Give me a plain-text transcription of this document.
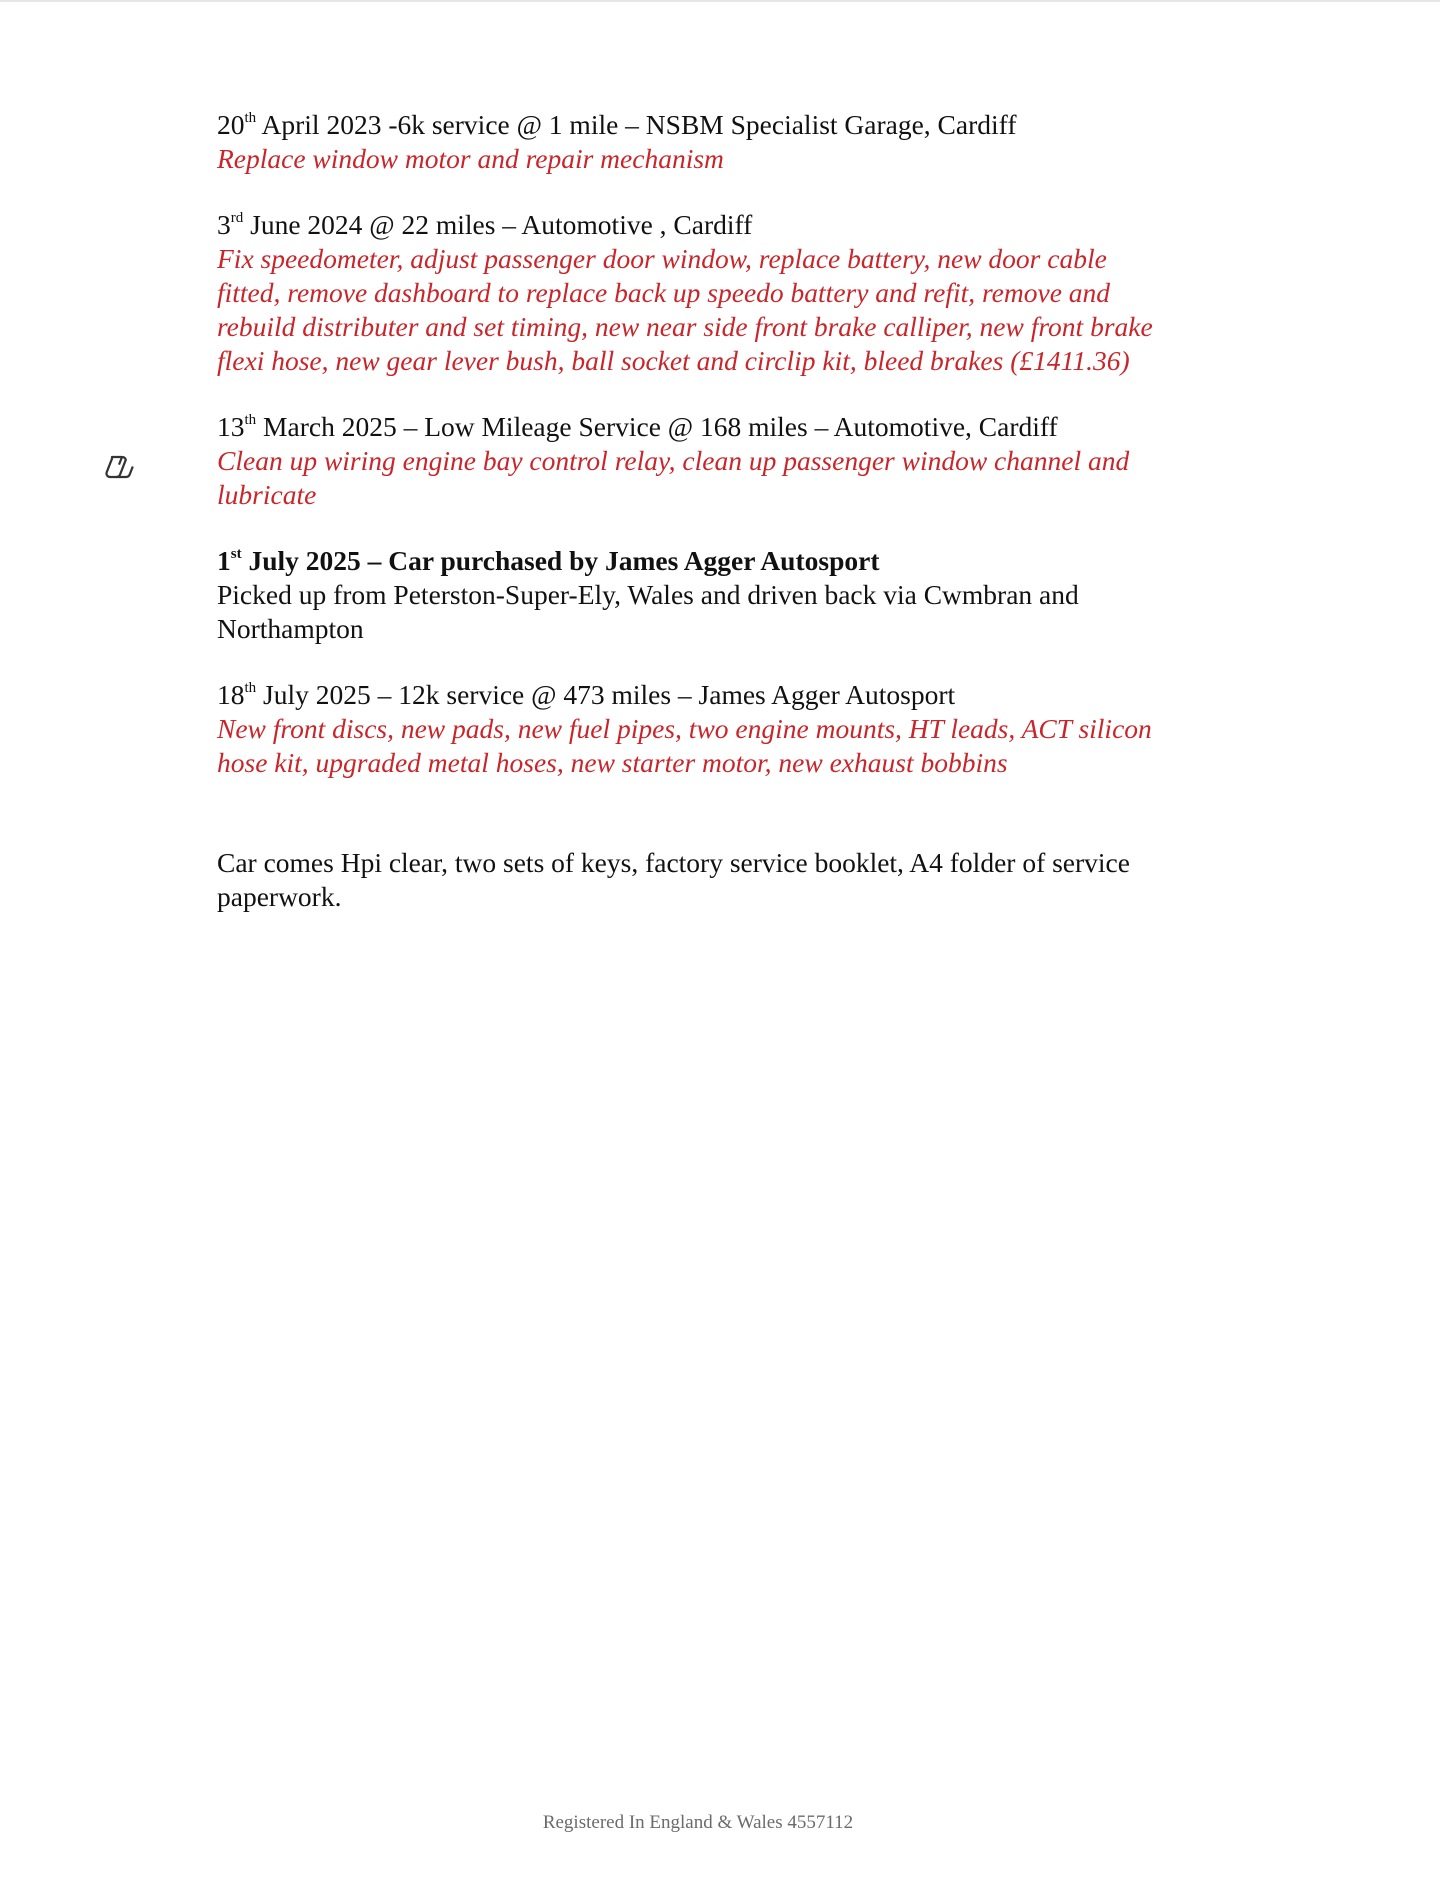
20th April 2023 -6k service @ 1 mile – NSBM Specialist Garage, Cardiff
Replace window motor and repair mechanism
3rd June 2024 @ 22 miles – Automotive , Cardiff
Fix speedometer, adjust passenger door window, replace battery, new door cable
fitted, remove dashboard to replace back up speedo battery and refit, remove and
rebuild distributer and set timing, new near side front brake calliper, new front brake
flexi hose, new gear lever bush, ball socket and circlip kit, bleed brakes (£1411.36)
13th March 2025 – Low Mileage Service @ 168 miles – Automotive, Cardiff
Clean up wiring engine bay control relay, clean up passenger window channel and
lubricate
1st July 2025 – Car purchased by James Agger Autosport
Picked up from Peterston-Super-Ely, Wales and driven back via Cwmbran and
Northampton
18th July 2025 – 12k service @ 473 miles – James Agger Autosport
New front discs, new pads, new fuel pipes, two engine mounts, HT leads, ACT silicon
hose kit, upgraded metal hoses, new starter motor, new exhaust bobbins
Car comes Hpi clear, two sets of keys, factory service booklet, A4 folder of service
paperwork.
Registered In England & Wales 4557112
